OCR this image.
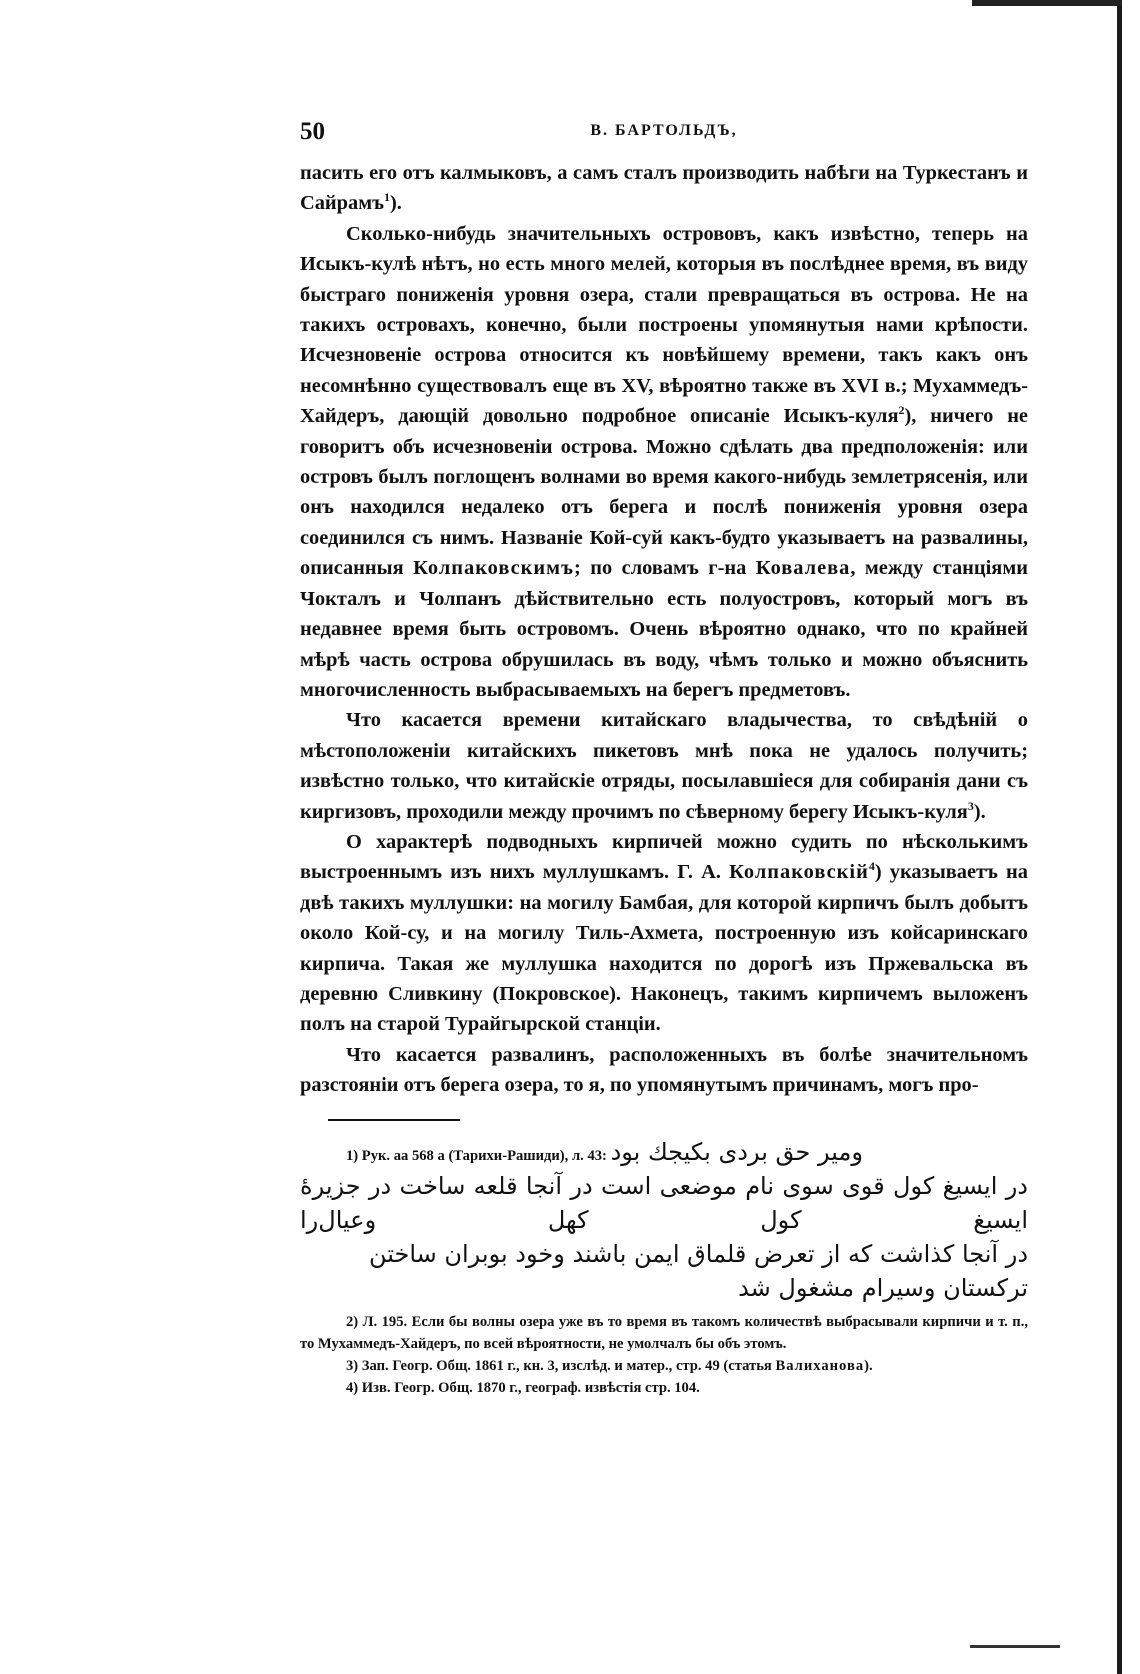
50	В. БАРТОЛЬДЪ,

пасить его отъ калмыковъ, а самъ сталъ производить набѣги на Туркестанъ и Сайрамъ$^1$).

Сколько-нибудь значительныхъ острововъ, какъ извѣстно, теперь на Исыкъ-кулѣ нѣтъ, но есть много мелей, которыя въ послѣднее время, въ виду быстраго пониженія уровня озера, стали превращаться въ острова. Не на такихъ островахъ, конечно, были построены упомянутыя нами крѣпости. Исчезновеніе острова относится къ новѣйшему времени, такъ какъ онъ несомнѣнно существовалъ еще въ XV, вѣроятно также въ XVI в.; Мухаммедъ-Хайдеръ, дающій довольно подробное описаніе Исыкъ-куля$^2$), ничего не говоритъ объ исчезновеніи острова. Можно сдѣлать два предположенія: или островъ былъ поглощенъ волнами во время какого-нибудь землетрясенія, или онъ находился недалеко отъ берега и послѣ пониженія уровня озера соединился съ нимъ. Названіе Кой-суй какъ-будто указываетъ на развалины, описанныя Колпаковскимъ; по словамъ г-на Ковалева, между станціями Чокталъ и Чолпанъ дѣйствительно есть полуостровъ, который могъ въ недавнее время быть островомъ. Очень вѣроятно однако, что по крайней мѣрѣ часть острова обрушилась въ воду, чѣмъ только и можно объяснить многочисленность выбрасываемыхъ на берегъ предметовъ.

Что касается времени китайскаго владычества, то свѣдѣній о мѣстоположеніи китайскихъ пикетовъ мнѣ пока не удалось получить; извѣстно только, что китайскіе отряды, посылавшіеся для собиранія дани съ киргизовъ, проходили между прочимъ по сѣверному берегу Исыкъ-куля$^3$).

О характерѣ подводныхъ кирпичей можно судить по нѣсколькимъ выстроеннымъ изъ нихъ муллушкамъ. Г. А. Колпаковскій$^4$) указываетъ на двѣ такихъ муллушки: на могилу Бамбая, для которой кирпичъ былъ добытъ около Кой-су, и на могилу Тиль-Ахмета, построенную изъ койсаринскаго кирпича. Такая же муллушка находится по дорогѣ изъ Пржевальска въ деревню Сливкину (Покровское). Наконецъ, такимъ кирпичемъ выложенъ полъ на старой Турайгырской станціи.

Что касается развалинъ, расположенныхъ въ болѣе значительномъ разстояніи отъ берега озера, то я, по упомянутымъ причинамъ, могъ про-

1) Рук. аа 568 а (Тарихи-Рашиди), л. 43: ومیر حق بردی بکیجك بود

در ایسیغ کول قوی سوی نام موضعی است در آنجا قلعه ساخت در جزیرهٔ ایسیغ کول کهل وعیال‌را
در آنجا کذاشت که از تعرض قلماق ایمن باشند وخود بوبران ساختن ترکستان وسیرام مشغول شد

2) Л. 195. Если бы волны озера уже въ то время въ такомъ количествѣ выбрасывали кирпичи и т. п., то Мухаммедъ-Хайдеръ, по всей вѣроятности, не умолчалъ бы объ этомъ.

3) Зап. Геогр. Общ. 1861 г., кн. 3, изслѣд. и матер., стр. 49 (статья Валиханова).

4) Изв. Геогр. Общ. 1870 г., географ. извѣстія стр. 104.
